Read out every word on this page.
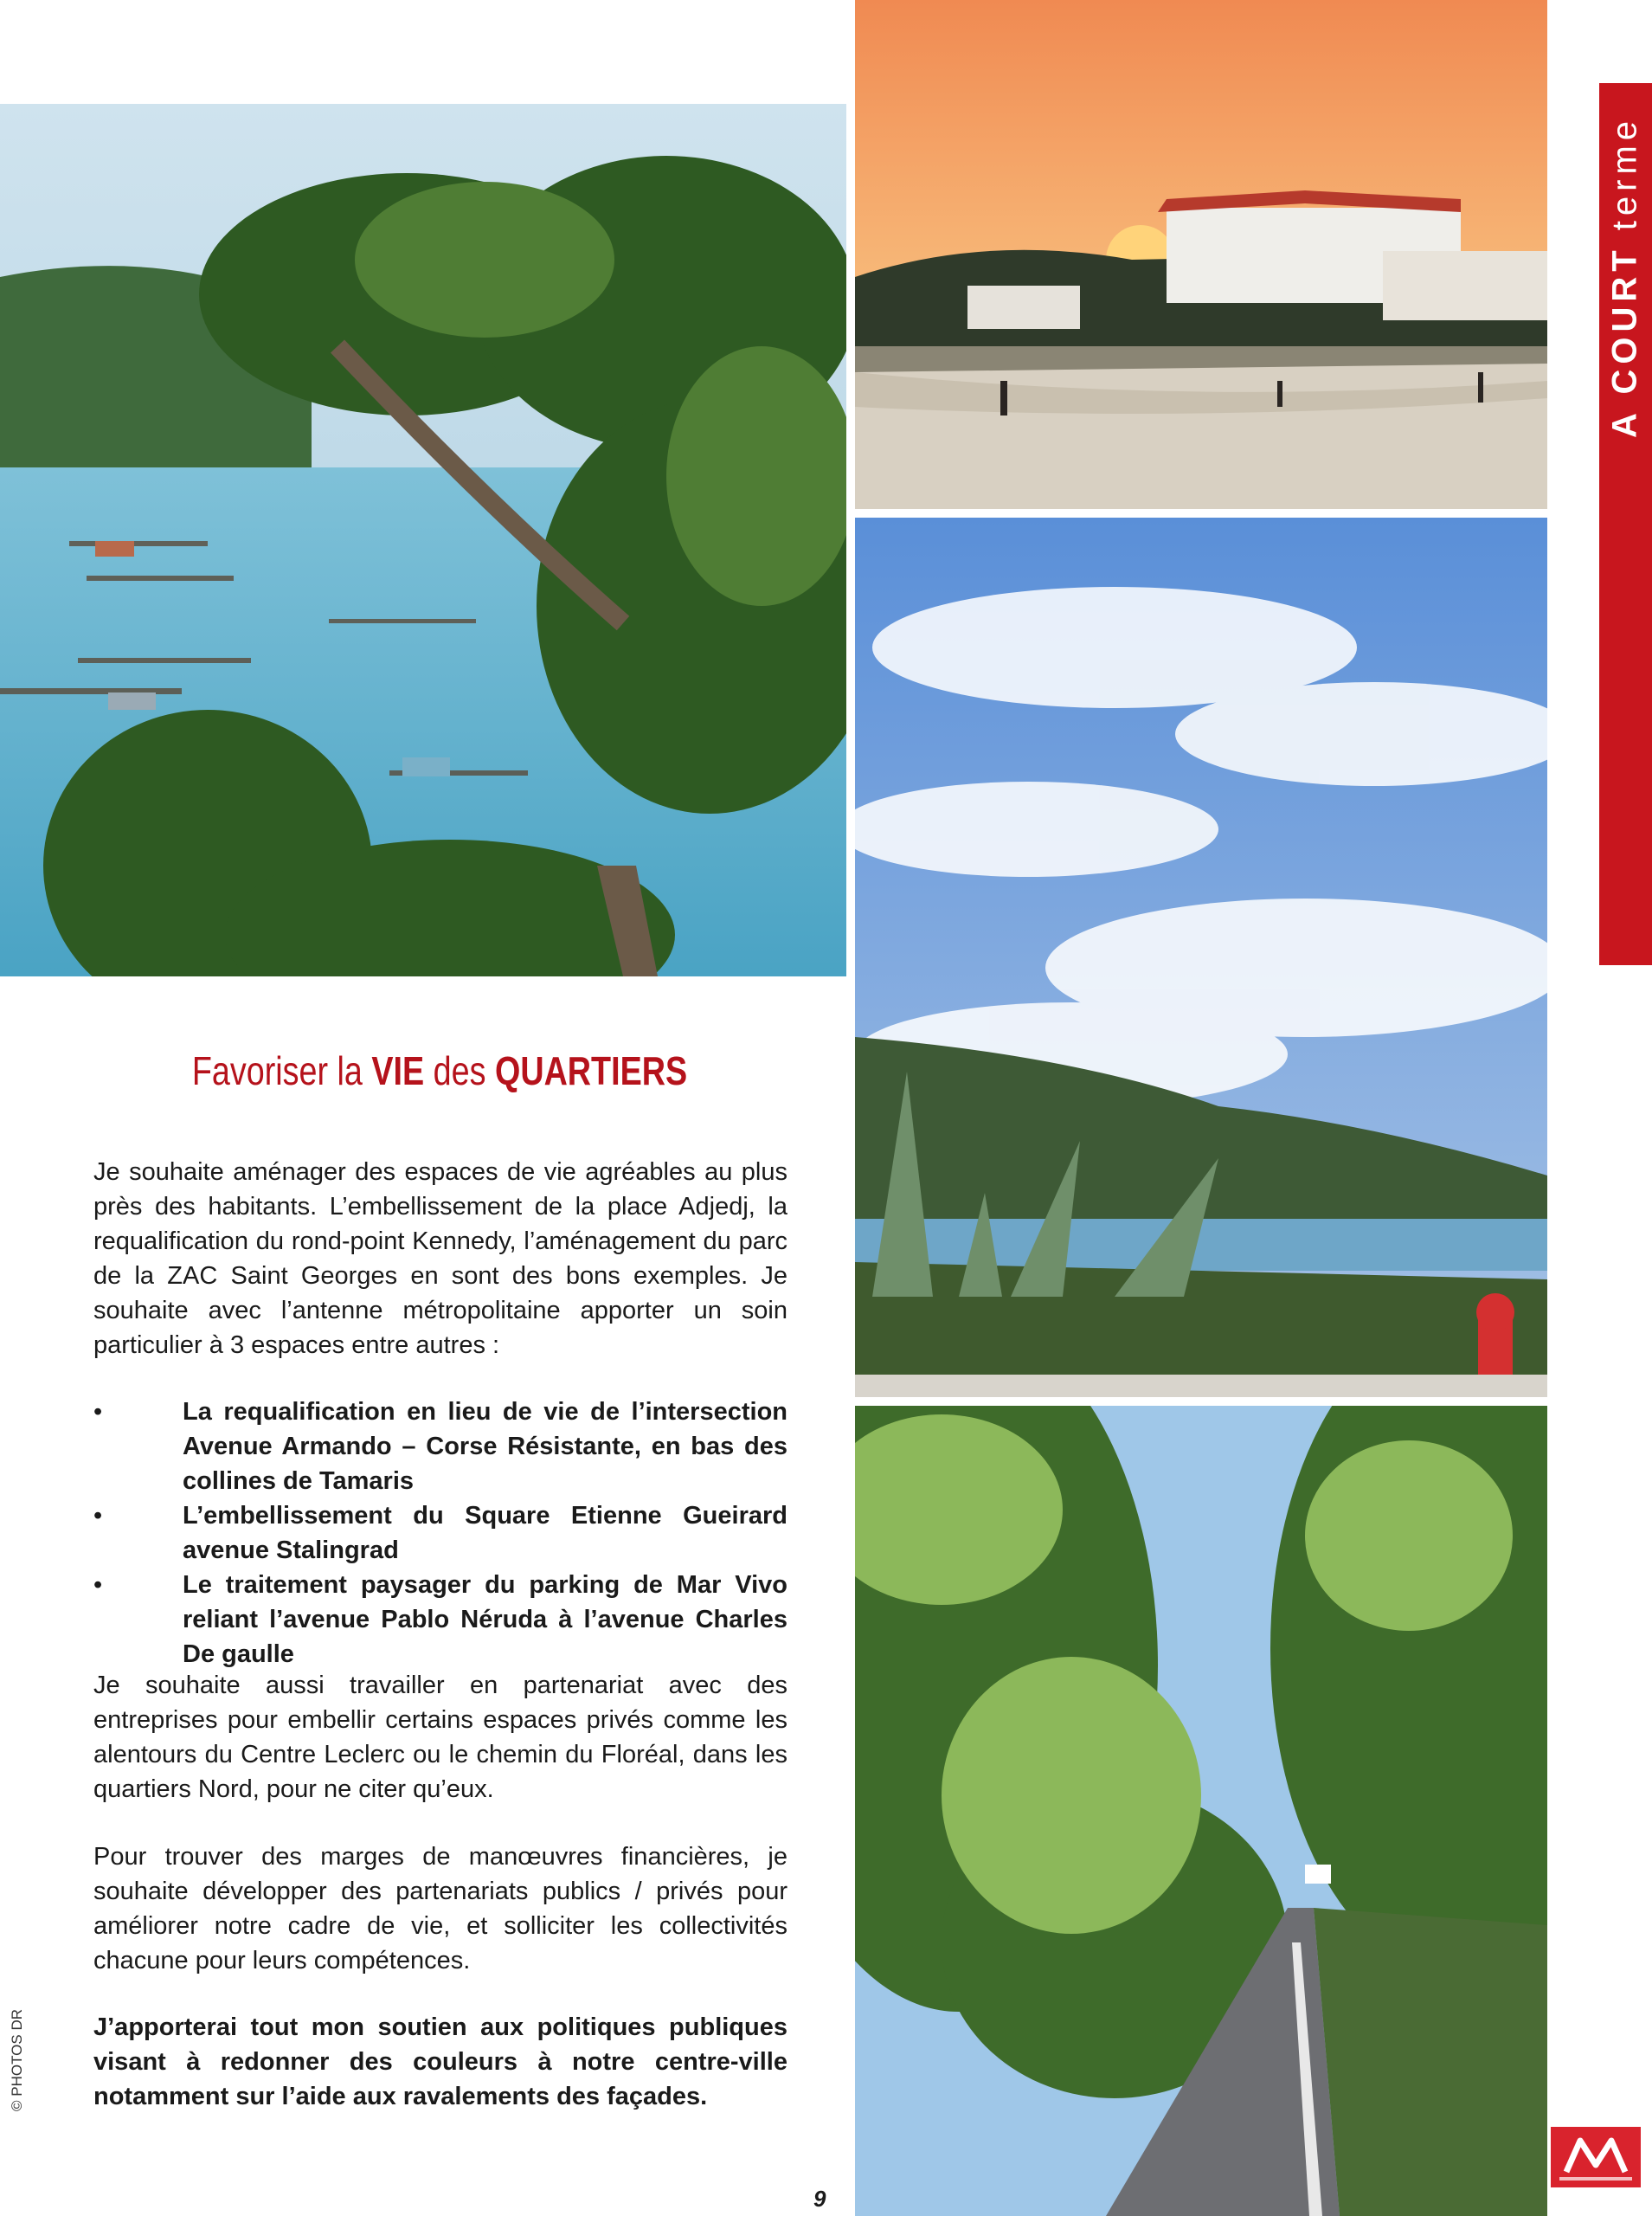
A COURT terme
Favoriser la VIE des QUARTIERS

Je souhaite aménager des espaces de vie agréables au plus près des habitants. L’embellissement de la place Adjedj, la requalification du rond-point Kennedy, l’aménagement du parc de la ZAC Saint Georges en sont des bons exemples. Je souhaite avec l’antenne métropolitaine apporter un soin particulier à 3 espaces entre autres :

•	La requalification en lieu de vie de l’intersection Avenue Armando – Corse Résistante, en bas des collines de Tamaris
•	L’embellissement du Square Etienne Gueirard avenue Stalingrad
•	Le traitement paysager du parking de Mar Vivo reliant l’avenue Pablo Néruda à l’avenue Charles De gaulle

Je souhaite aussi travailler en partenariat avec des entreprises pour embellir certains espaces privés comme les alentours du Centre Leclerc ou le chemin du Floréal, dans les quartiers Nord, pour ne citer qu’eux.

Pour trouver des marges de manœuvres financières, je souhaite développer des partenariats publics / privés pour améliorer notre cadre de vie, et solliciter les collectivités chacune pour leurs compétences.

J’apporterai tout mon soutien aux politiques publiques visant à redonner des couleurs à notre centre-ville notamment sur l’aide aux ravalements des façades.

9
© PHOTOS DR
